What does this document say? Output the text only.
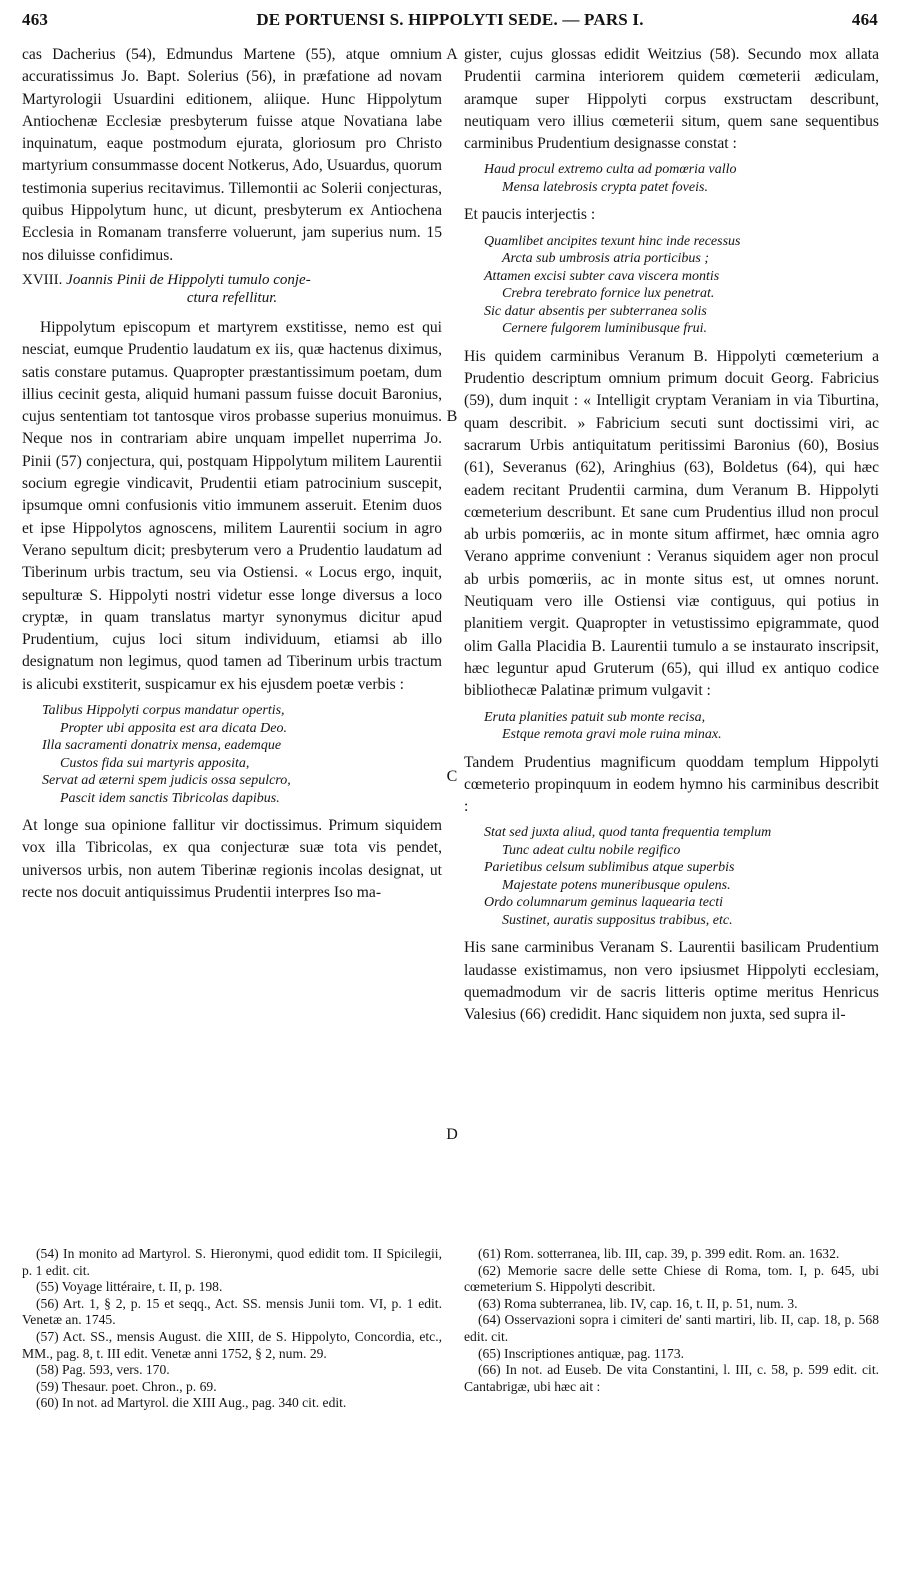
463	DE PORTUENSI S. HIPPOLYTI SEDE. — PARS I.	464
A
B
C
D

cas Dacherius (54), Edmundus Martene (55), atque omnium accuratissimus Jo. Bapt. Solerius (56), in præfatione ad novam Martyrologii Usuardini editionem, aliique. Hunc Hippolytum Antiochenæ Ecclesiæ presbyterum fuisse atque Novatiana labe inquinatum, eaque postmodum ejurata, gloriosum pro Christo martyrium consummasse docent Notkerus, Ado, Usuardus, quorum testimonia superius recitavimus. Tillemontii ac Solerii conjecturas, quibus Hippolytum hunc, ut dicunt, presbyterum ex Antiochena Ecclesia in Romanam transferre voluerunt, jam superius num. 15 nos diluisse confidimus.

XVIII. Joannis Pinii de Hippolyti tumulo conje-
ctura refellitur.

Hippolytum episcopum et martyrem exstitisse, nemo est qui nesciat, eumque Prudentio laudatum ex iis, quæ hactenus diximus, satis constare putamus. Quapropter præstantissimum poetam, dum illius cecinit gesta, aliquid humani passum fuisse docuit Baronius, cujus sententiam tot tantosque viros probasse superius monuimus. Neque nos in contrariam abire unquam impellet nuperrima Jo. Pinii (57) conjectura, qui, postquam Hippolytum militem Laurentii socium egregie vindicavit, Prudentii etiam patrocinium suscepit, ipsumque omni confusionis vitio immunem asseruit. Etenim duos et ipse Hippolytos agnoscens, militem Laurentii socium in agro Verano sepultum dicit; presbyterum vero a Prudentio laudatum ad Tiberinum urbis tractum, seu via Ostiensi. « Locus ergo, inquit, sepulturæ S. Hippolyti nostri videtur esse longe diversus a loco cryptæ, in quam translatus martyr synonymus dicitur apud Prudentium, cujus loci situm individuum, etiamsi ab illo designatum non legimus, quod tamen ad Tiberinum urbis tractum is alicubi exstiterit, suspicamur ex his ejusdem poetæ verbis :

Talibus Hippolyti corpus mandatur opertis,
Propter ubi apposita est ara dicata Deo.
Illa sacramenti donatrix mensa, eademque
Custos fida sui martyris apposita,
Servat ad æterni spem judicis ossa sepulcro,
Pascit idem sanctis Tibricolas dapibus.

At longe sua opinione fallitur vir doctissimus. Primum siquidem vox illa Tibricolas, ex qua conjecturæ suæ tota vis pendet, universos urbis, non autem Tiberinæ regionis incolas designat, ut recte nos docuit antiquissimus Prudentii interpres Iso ma-

gister, cujus glossas edidit Weitzius (58). Secundo mox allata Prudentii carmina interiorem quidem cœmeterii ædiculam, aramque super Hippolyti corpus exstructam describunt, neutiquam vero illius cœmeterii situm, quem sane sequentibus carminibus Prudentium designasse constat :

Haud procul extremo culta ad pomœria vallo
Mensa latebrosis crypta patet foveis.

Et paucis interjectis :

Quamlibet ancipites texunt hinc inde recessus
Arcta sub umbrosis atria porticibus ;
Attamen excisi subter cava viscera montis
Crebra terebrato fornice lux penetrat.
Sic datur absentis per subterranea solis
Cernere fulgorem luminibusque frui.

His quidem carminibus Veranum B. Hippolyti cœmeterium a Prudentio descriptum omnium primum docuit Georg. Fabricius (59), dum inquit : « Intelligit cryptam Veraniam in via Tiburtina, quam describit. » Fabricium secuti sunt doctissimi viri, ac sacrarum Urbis antiquitatum peritissimi Baronius (60), Bosius (61), Severanus (62), Aringhius (63), Boldetus (64), qui hæc eadem recitant Prudentii carmina, dum Veranum B. Hippolyti cœmeterium describunt. Et sane cum Prudentius illud non procul ab urbis pomœriis, ac in monte situm affirmet, hæc omnia agro Verano apprime conveniunt : Veranus siquidem ager non procul ab urbis pomœriis, ac in monte situs est, ut omnes norunt. Neutiquam vero ille Ostiensi viæ contiguus, qui potius in planitiem vergit. Quapropter in vetustissimo epigrammate, quod olim Galla Placidia B. Laurentii tumulo a se instaurato inscripsit, hæc leguntur apud Gruterum (65), qui illud ex antiquo codice bibliothecæ Palatinæ primum vulgavit :

Eruta planities patuit sub monte recisa,
Estque remota gravi mole ruina minax.

Tandem Prudentius magnificum quoddam templum Hippolyti cœmeterio propinquum in eodem hymno his carminibus describit :

Stat sed juxta aliud, quod tanta frequentia templum
Tunc adeat cultu nobile regifico
Parietibus celsum sublimibus atque superbis
Majestate potens muneribusque opulens.
Ordo columnarum geminus laquearia tecti
Sustinet, auratis suppositus trabibus, etc.

His sane carminibus Veranam S. Laurentii basilicam Prudentium laudasse existimamus, non vero ipsiusmet Hippolyti ecclesiam, quemadmodum vir de sacris litteris optime meritus Henricus Valesius (66) credidit. Hanc siquidem non juxta, sed supra il-

(54) In monito ad Martyrol. S. Hieronymi, quod edidit tom. II Spicilegii, p. 1 edit. cit.

(55) Voyage littéraire, t. II, p. 198.

(56) Art. 1, § 2, p. 15 et seqq., Act. SS. mensis Junii tom. VI, p. 1 edit. Venetæ an. 1745.

(57) Act. SS., mensis August. die XIII, de S. Hippolyto, Concordia, etc., MM., pag. 8, t. III edit. Venetæ anni 1752, § 2, num. 29.

(58) Pag. 593, vers. 170.

(59) Thesaur. poet. Chron., p. 69.

(60) In not. ad Martyrol. die XIII Aug., pag. 340 cit. edit.

(61) Rom. sotterranea, lib. III, cap. 39, p. 399 edit. Rom. an. 1632.

(62) Memorie sacre delle sette Chiese di Roma, tom. I, p. 645, ubi cœmeterium S. Hippolyti describit.

(63) Roma subterranea, lib. IV, cap. 16, t. II, p. 51, num. 3.

(64) Osservazioni sopra i cimiteri de' santi martiri, lib. II, cap. 18, p. 568 edit. cit.

(65) Inscriptiones antiquæ, pag. 1173.

(66) In not. ad Euseb. De vita Constantini, l. III, c. 58, p. 599 edit. cit. Cantabrigæ, ubi hæc ait :
